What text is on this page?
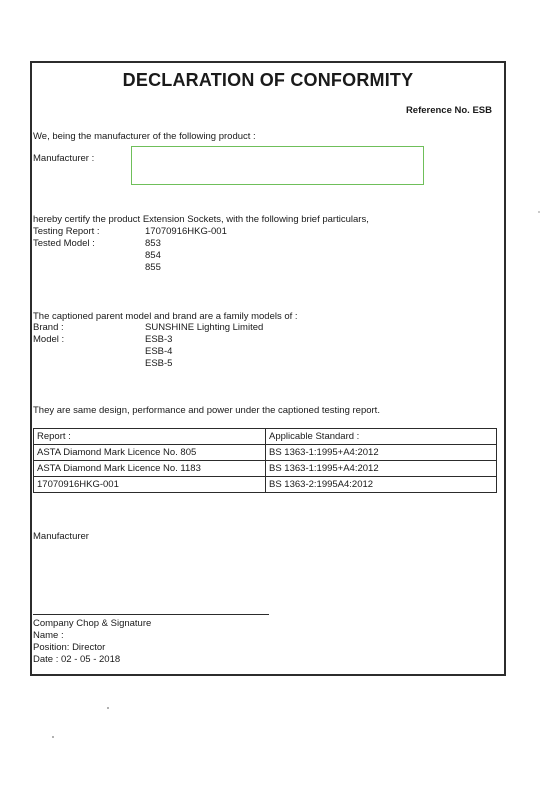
DECLARATION OF CONFORMITY
Reference No. ESB
We, being the manufacturer of the following product :
Manufacturer :
hereby certify the product Extension Sockets, with the following brief particulars,
Testing Report :	17070916HKG-001
Tested Model :	853
854
855
The captioned parent model and brand are a family models of :
Brand :	SUNSHINE Lighting Limited
Model :	ESB-3
ESB-4
ESB-5
They are same design, performance and power under the captioned testing report.
Report :	Applicable Standard :
ASTA Diamond Mark Licence No. 805	BS 1363-1:1995+A4:2012
ASTA Diamond Mark Licence No. 1183	BS 1363-1:1995+A4:2012
17070916HKG-001	BS 1363-2:1995A4:2012
Manufacturer
Company Chop & Signature
Name :
Position: Director
Date : 02 - 05 - 2018
